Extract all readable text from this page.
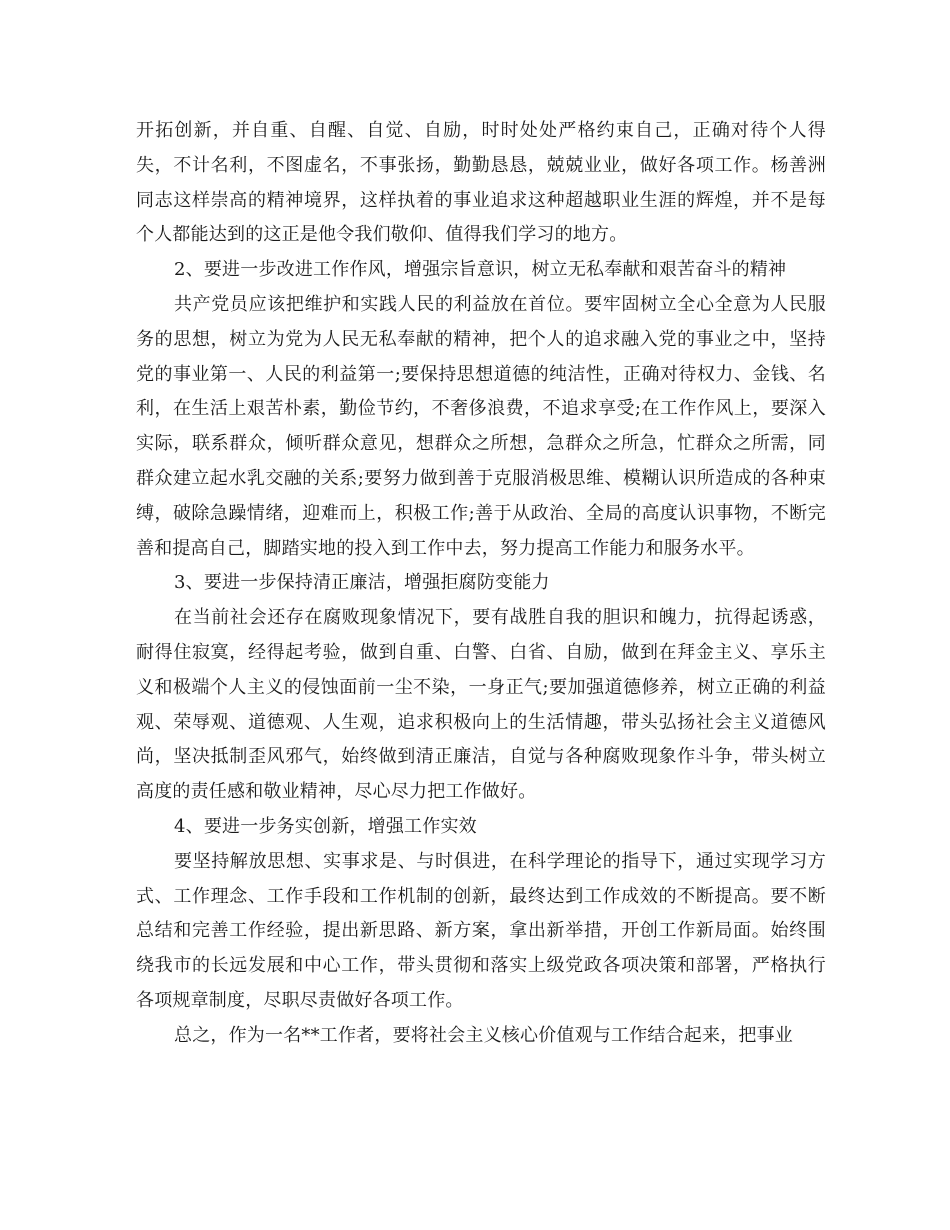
开拓创新，并自重、自醒、自觉、自励，时时处处严格约束自己，正确对待个人得失，不计名利，不图虚名，不事张扬，勤勤恳恳，兢兢业业，做好各项工作。杨善洲同志这样崇高的精神境界，这样执着的事业追求这种超越职业生涯的辉煌，并不是每个人都能达到的这正是他令我们敬仰、值得我们学习的地方。

2、要进一步改进工作作风，增强宗旨意识，树立无私奉献和艰苦奋斗的精神

共产党员应该把维护和实践人民的利益放在首位。要牢固树立全心全意为人民服务的思想，树立为党为人民无私奉献的精神，把个人的追求融入党的事业之中，坚持党的事业第一、人民的利益第一;要保持思想道德的纯洁性，正确对待权力、金钱、名利，在生活上艰苦朴素，勤俭节约，不奢侈浪费，不追求享受;在工作作风上，要深入实际，联系群众，倾听群众意见，想群众之所想，急群众之所急，忙群众之所需，同群众建立起水乳交融的关系;要努力做到善于克服消极思维、模糊认识所造成的各种束缚，破除急躁情绪，迎难而上，积极工作;善于从政治、全局的高度认识事物，不断完善和提高自己，脚踏实地的投入到工作中去，努力提高工作能力和服务水平。

3、要进一步保持清正廉洁，增强拒腐防变能力

在当前社会还存在腐败现象情况下，要有战胜自我的胆识和魄力，抗得起诱惑，耐得住寂寞，经得起考验，做到自重、白警、白省、自励，做到在拜金主义、享乐主义和极端个人主义的侵蚀面前一尘不染，一身正气;要加强道德修养，树立正确的利益观、荣辱观、道德观、人生观，追求积极向上的生活情趣，带头弘扬社会主义道德风尚，坚决抵制歪风邪气，始终做到清正廉洁，自觉与各种腐败现象作斗争，带头树立高度的责任感和敬业精神，尽心尽力把工作做好。

4、要进一步务实创新，增强工作实效

要坚持解放思想、实事求是、与时俱进，在科学理论的指导下，通过实现学习方式、工作理念、工作手段和工作机制的创新，最终达到工作成效的不断提高。要不断总结和完善工作经验，提出新思路、新方案，拿出新举措，开创工作新局面。始终围绕我市的长远发展和中心工作，带头贯彻和落实上级党政各项决策和部署，严格执行各项规章制度，尽职尽责做好各项工作。

总之，作为一名**工作者，要将社会主义核心价值观与工作结合起来，把事业
